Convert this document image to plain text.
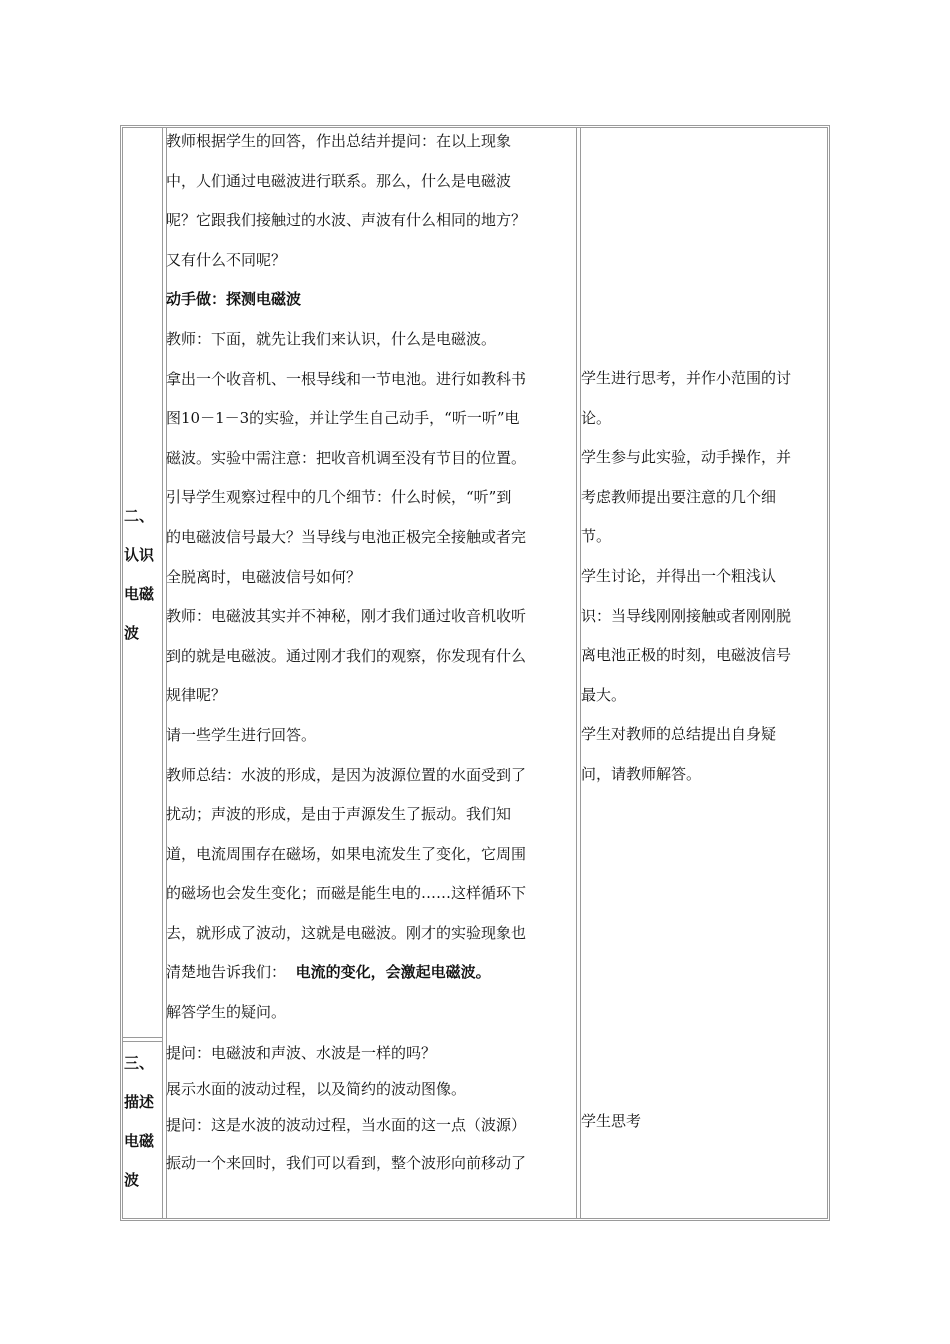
二、
认识
电磁
波

教师根据学生的回答，作出总结并提问：在以上现象

中，人们通过电磁波进行联系。那么，什么是电磁波

呢？它跟我们接触过的水波、声波有什么相同的地方？

又有什么不同呢？

动手做：探测电磁波

教师：下面，就先让我们来认识，什么是电磁波。

拿出一个收音机、一根导线和一节电池。进行如教科书

图10－1－3的实验，并让学生自己动手，“听一听”电

磁波。实验中需注意：把收音机调至没有节目的位置。

引导学生观察过程中的几个细节：什么时候，“听”到

的电磁波信号最大？当导线与电池正极完全接触或者完

全脱离时，电磁波信号如何？

教师：电磁波其实并不神秘，刚才我们通过收音机收听

到的就是电磁波。通过刚才我们的观察，你发现有什么

规律呢？

请一些学生进行回答。

教师总结：水波的形成，是因为波源位置的水面受到了

扰动；声波的形成，是由于声源发生了振动。我们知

道，电流周围存在磁场，如果电流发生了变化，它周围

的磁场也会发生变化；而磁是能生电的……这样循环下

去，就形成了波动，这就是电磁波。刚才的实验现象也

清楚地告诉我们： 电流的变化，会激起电磁波。

解答学生的疑问。

学生进行思考，并作小范围的讨

论。

学生参与此实验，动手操作，并

考虑教师提出要注意的几个细

节。

学生讨论，并得出一个粗浅认

识：当导线刚刚接触或者刚刚脱

离电池正极的时刻，电磁波信号

最大。

学生对教师的总结提出自身疑

问，请教师解答。

三、
描述
电磁
波

提问：电磁波和声波、水波是一样的吗？

展示水面的波动过程，以及简约的波动图像。

提问：这是水波的波动过程，当水面的这一点（波源）

振动一个来回时，我们可以看到，整个波形向前移动了

学生思考
